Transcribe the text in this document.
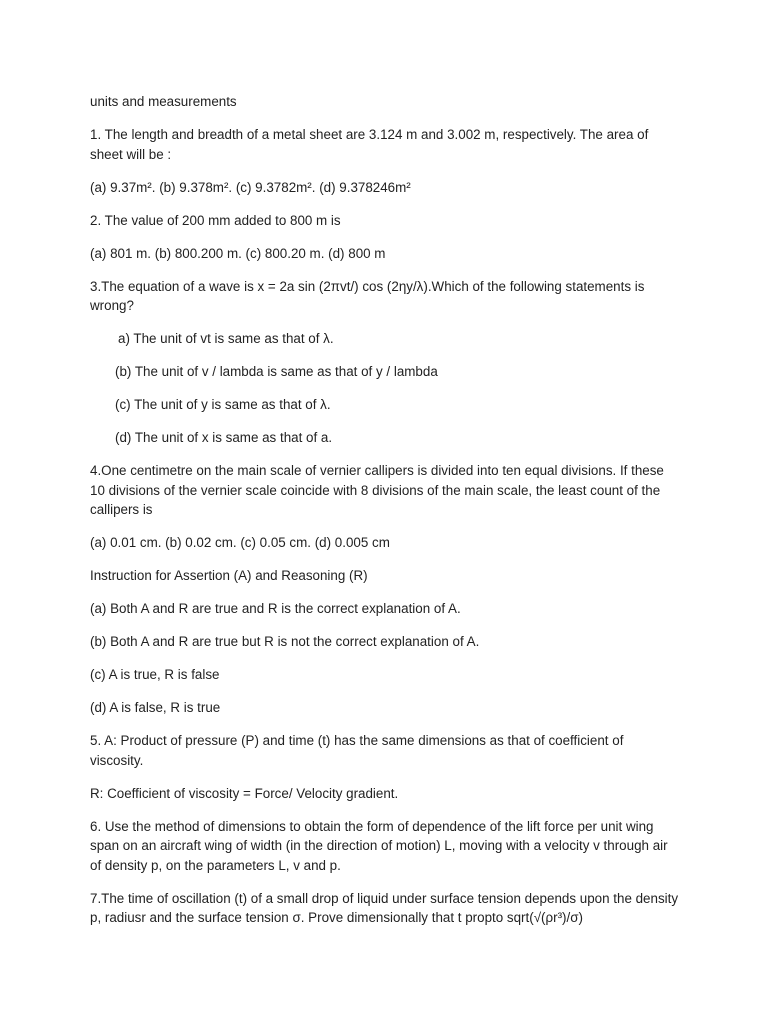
units and measurements

1. The length and breadth of a metal sheet are 3.124 m and 3.002 m, respectively. The area of sheet will be :

(a) 9.37m². (b) 9.378m². (c) 9.3782m². (d) 9.378246m²

2. The value of 200 mm added to 800 m is

(a) 801 m. (b) 800.200 m. (c) 800.20 m. (d) 800 m

3.The equation of a wave is x = 2a sin (2πvt/) cos (2ηy/λ).Which of the following statements is wrong?

a) The unit of vt is same as that of λ.

(b) The unit of v / lambda is same as that of y / lambda

(c) The unit of y is same as that of λ.

(d) The unit of x is same as that of a.

4.One centimetre on the main scale of vernier callipers is divided into ten equal divisions. If these 10 divisions of the vernier scale coincide with 8 divisions of the main scale, the least count of the callipers is

(a) 0.01 cm. (b) 0.02 cm. (c) 0.05 cm. (d) 0.005 cm

Instruction for Assertion (A) and Reasoning (R)

(a) Both A and R are true and R is the correct explanation of A.

(b) Both A and R are true but R is not the correct explanation of A.

(c) A is true, R is false

(d) A is false, R is true

5. A: Product of pressure (P) and time (t) has the same dimensions as that of coefficient of viscosity.

R: Coefficient of viscosity = Force/ Velocity gradient.

6. Use the method of dimensions to obtain the form of dependence of the lift force per unit wing span on an aircraft wing of width (in the direction of motion) L, moving with a velocity v through air of density p, on the parameters L, v and p.

7.The time of oscillation (t) of a small drop of liquid under surface tension depends upon the density p, radiusr and the surface tension σ. Prove dimensionally that t propto sqrt(√(ρr³)/σ)
